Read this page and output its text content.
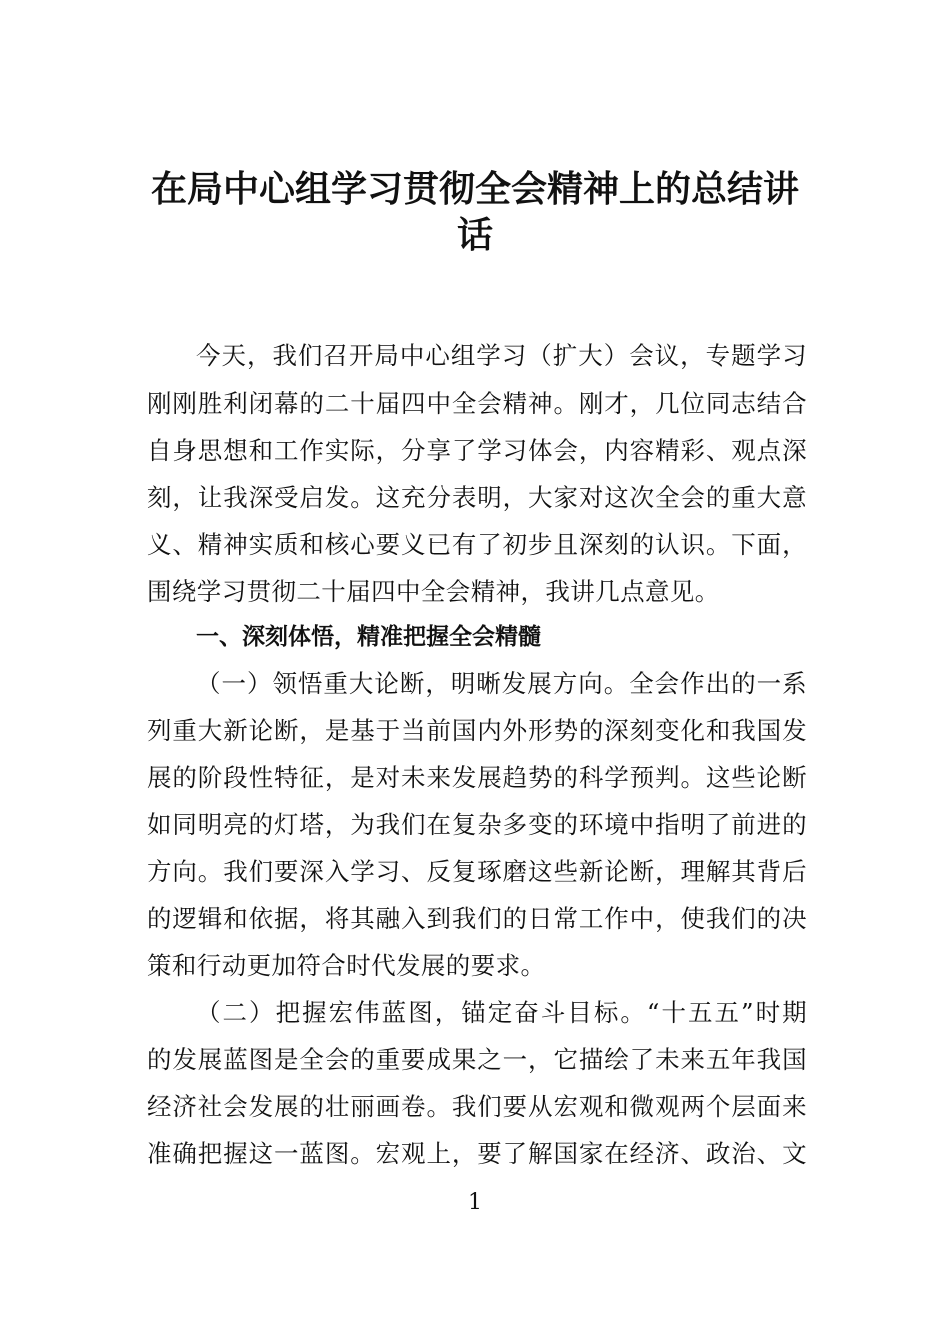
在局中心组学习贯彻全会精神上的总结讲
话
今天，我们召开局中心组学习（扩大）会议，专题学习
刚刚胜利闭幕的二十届四中全会精神。刚才，几位同志结合
自身思想和工作实际，分享了学习体会，内容精彩、观点深
刻，让我深受启发。这充分表明，大家对这次全会的重大意
义、精神实质和核心要义已有了初步且深刻的认识。下面，
围绕学习贯彻二十届四中全会精神，我讲几点意见。
一、深刻体悟，精准把握全会精髓
（一）领悟重大论断，明晰发展方向。全会作出的一系
列重大新论断，是基于当前国内外形势的深刻变化和我国发
展的阶段性特征，是对未来发展趋势的科学预判。这些论断
如同明亮的灯塔，为我们在复杂多变的环境中指明了前进的
方向。我们要深入学习、反复琢磨这些新论断，理解其背后
的逻辑和依据，将其融入到我们的日常工作中，使我们的决
策和行动更加符合时代发展的要求。
（二）把握宏伟蓝图，锚定奋斗目标。“十五五”时期
的发展蓝图是全会的重要成果之一，它描绘了未来五年我国
经济社会发展的壮丽画卷。我们要从宏观和微观两个层面来
准确把握这一蓝图。宏观上，要了解国家在经济、政治、文
1
